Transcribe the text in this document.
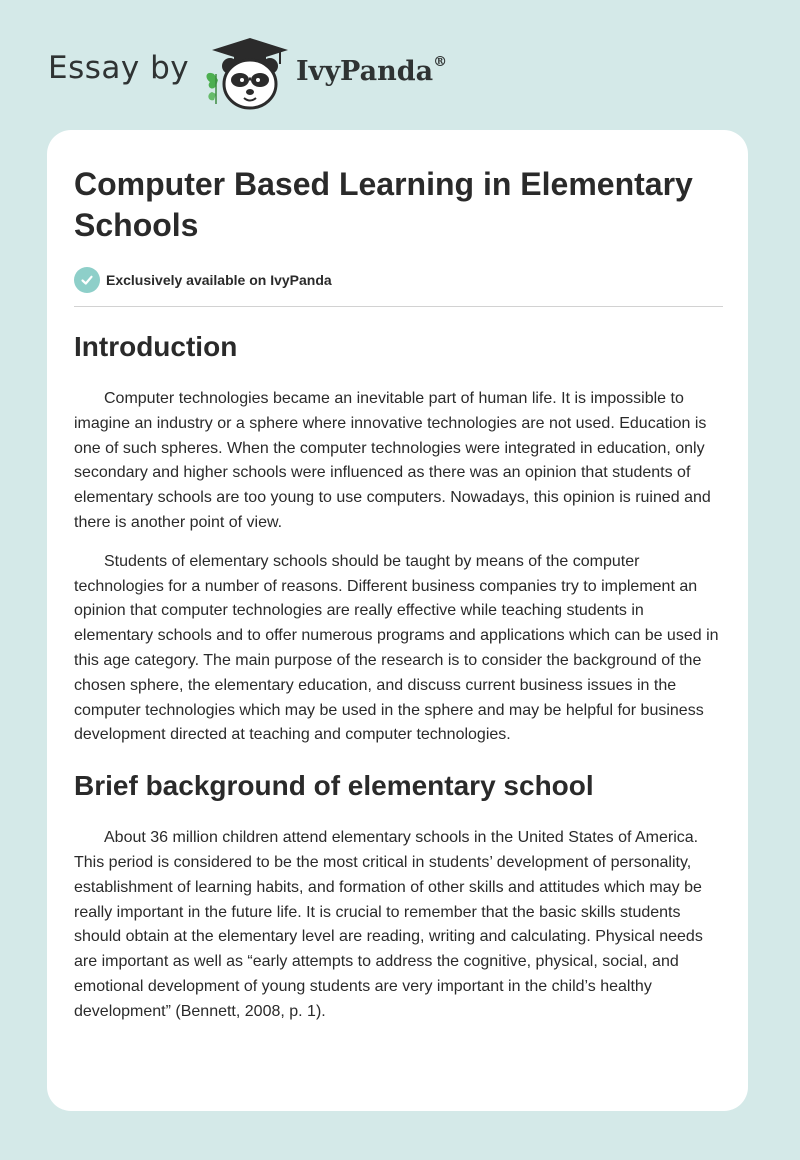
Essay by	IvyPanda®
Computer Based Learning in Elementary Schools
Exclusively available on IvyPanda
Introduction

Computer technologies became an inevitable part of human life. It is impossible to imagine an industry or a sphere where innovative technologies are not used. Education is one of such spheres. When the computer technologies were integrated in education, only secondary and higher schools were influenced as there was an opinion that students of elementary schools are too young to use computers. Nowadays, this opinion is ruined and there is another point of view.

Students of elementary schools should be taught by means of the computer technologies for a number of reasons. Different business companies try to implement an opinion that computer technologies are really effective while teaching students in elementary schools and to offer numerous programs and applications which can be used in this age category. The main purpose of the research is to consider the background of the chosen sphere, the elementary education, and discuss current business issues in the computer technologies which may be used in the sphere and may be helpful for business development directed at teaching and computer technologies.

Brief background of elementary school

About 36 million children attend elementary schools in the United States of America. This period is considered to be the most critical in students’ development of personality, establishment of learning habits, and formation of other skills and attitudes which may be really important in the future life. It is crucial to remember that the basic skills students should obtain at the elementary level are reading, writing and calculating. Physical needs are important as well as “early attempts to address the cognitive, physical, social, and emotional development of young students are very important in the child’s healthy development” (Bennett, 2008, p. 1).
